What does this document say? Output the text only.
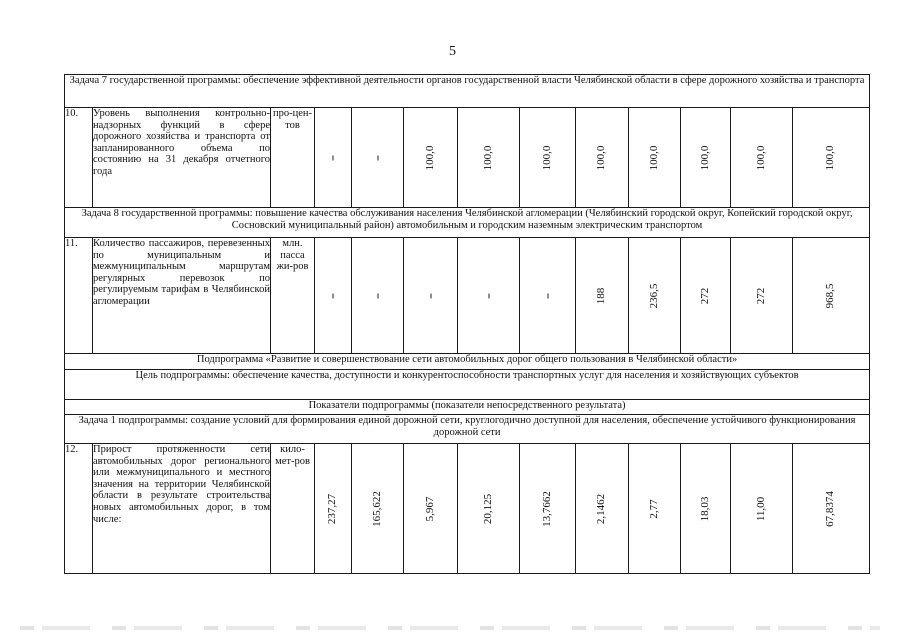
5
Задача 7 государственной программы: обеспечение эффективной деятельности органов государственной власти Челябинской области в сфере дорожного хозяйства и транспорта												
10.	Уровень выполнения контрольно-надзорных функций в сфере дорожного хозяйства и транспорта от запланированного объема по состоянию на 31 декабря отчетного года	про-цен-тов			100,0	100,0	100,0	100,0	100,0	100,0	100,0	100,0

Задача 8 государственной программы: повышение качества обслуживания населения Челябинской агломерации (Челябинский городской округ, Копейский городской округ, Сосновский муниципальный район) автомобильным и городским наземным электрическим транспортом												
11.	Количество пассажиров, перевезенных по муниципальным и межмуниципальным маршрутам регулярных перевозок по регулируемым тарифам в Челябинской агломерации	млн. пасса жи-ров						188	236,5	272	272	968,5

Подпрограмма «Развитие и совершенствование сети автомобильных дорог общего пользования в Челябинской области»												
Цель подпрограммы: обеспечение качества, доступности и конкурентоспособности транспортных услуг для населения и хозяйствующих субъектов												
Показатели подпрограммы (показатели непосредственного результата)												
Задача 1 подпрограммы: создание условий для формирования единой дорожной сети, круглогодично доступной для населения, обеспечение устойчивого функционирования дорожной сети												
12.	Прирост протяженности сети автомобильных дорог регионального или межмуниципального и местного значения на территории Челябинской области в результате строительства новых автомобильных дорог, в том числе:	кило-мет-ров	237,27	165,622	5,967	20,125	13,7662	2,1462	2,77	18,03	11,00	67,8374
